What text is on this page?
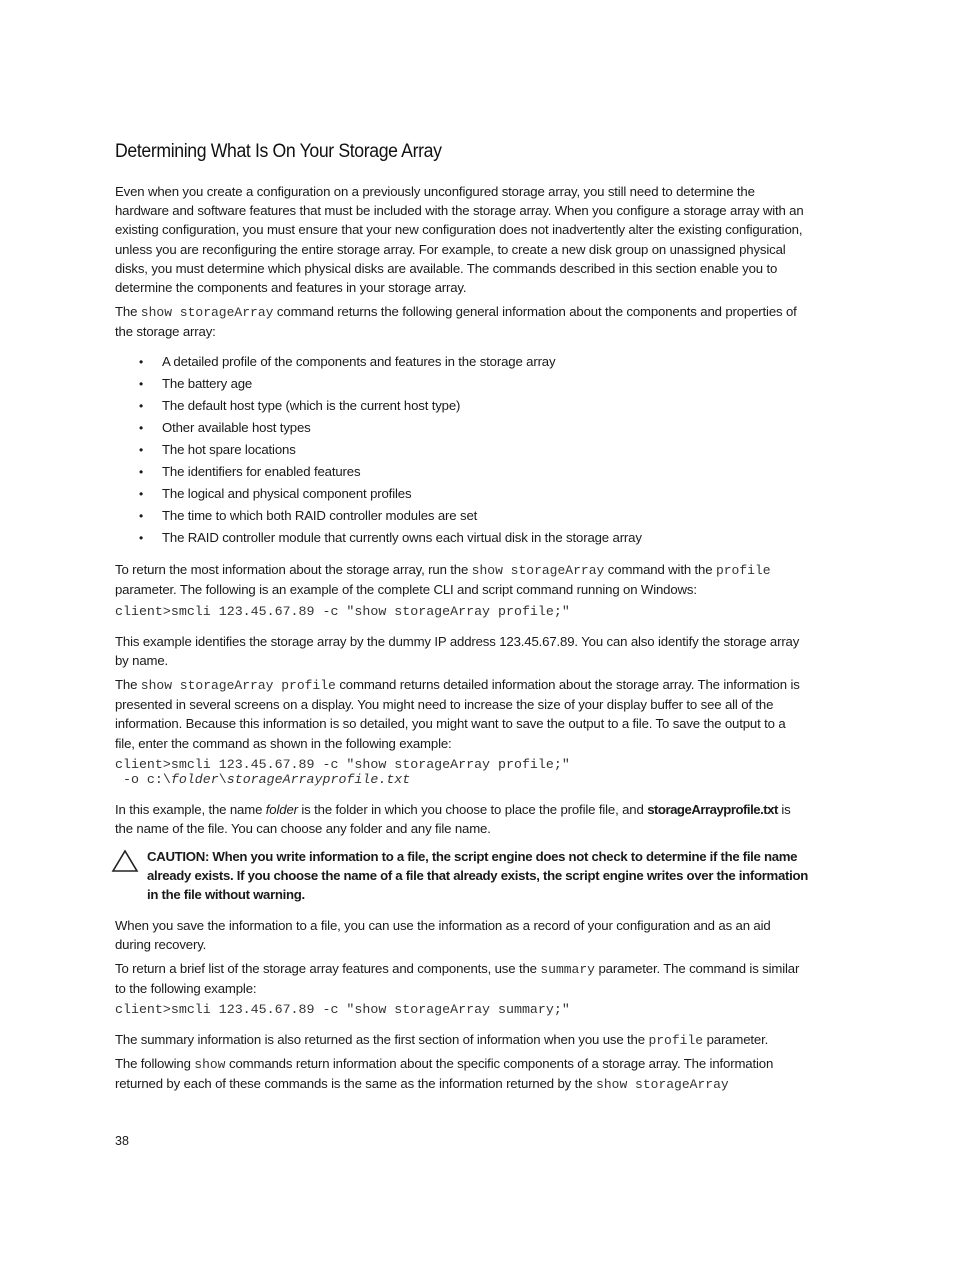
Determining What Is On Your Storage Array

Even when you create a configuration on a previously unconfigured storage array, you still need to determine the hardware and software features that must be included with the storage array. When you configure a storage array with an existing configuration, you must ensure that your new configuration does not inadvertently alter the existing configuration, unless you are reconfiguring the entire storage array. For example, to create a new disk group on unassigned physical disks, you must determine which physical disks are available. The commands described in this section enable you to determine the components and features in your storage array.

The show storageArray command returns the following general information about the components and properties of the storage array:

• A detailed profile of the components and features in the storage array
• The battery age
• The default host type (which is the current host type)
• Other available host types
• The hot spare locations
• The identifiers for enabled features
• The logical and physical component profiles
• The time to which both RAID controller modules are set
• The RAID controller module that currently owns each virtual disk in the storage array

To return the most information about the storage array, run the show storageArray command with the profile parameter. The following is an example of the complete CLI and script command running on Windows:

client>smcli 123.45.67.89 -c "show storageArray profile;"

This example identifies the storage array by the dummy IP address 123.45.67.89. You can also identify the storage array by name.

The show storageArray profile command returns detailed information about the storage array. The information is presented in several screens on a display. You might need to increase the size of your display buffer to see all of the information. Because this information is so detailed, you might want to save the output to a file. To save the output to a file, enter the command as shown in the following example:

client>smcli 123.45.67.89 -c "show storageArray profile;"
-o c:\folder\storageArrayprofile.txt

In this example, the name folder is the folder in which you choose to place the profile file, and storageArrayprofile.txt is the name of the file. You can choose any folder and any file name.

CAUTION: When you write information to a file, the script engine does not check to determine if the file name already exists. If you choose the name of a file that already exists, the script engine writes over the information in the file without warning.

When you save the information to a file, you can use the information as a record of your configuration and as an aid during recovery.

To return a brief list of the storage array features and components, use the summary parameter. The command is similar to the following example:

client>smcli 123.45.67.89 -c "show storageArray summary;"

The summary information is also returned as the first section of information when you use the profile parameter.

The following show commands return information about the specific components of a storage array. The information returned by each of these commands is the same as the information returned by the show storageArray

38
